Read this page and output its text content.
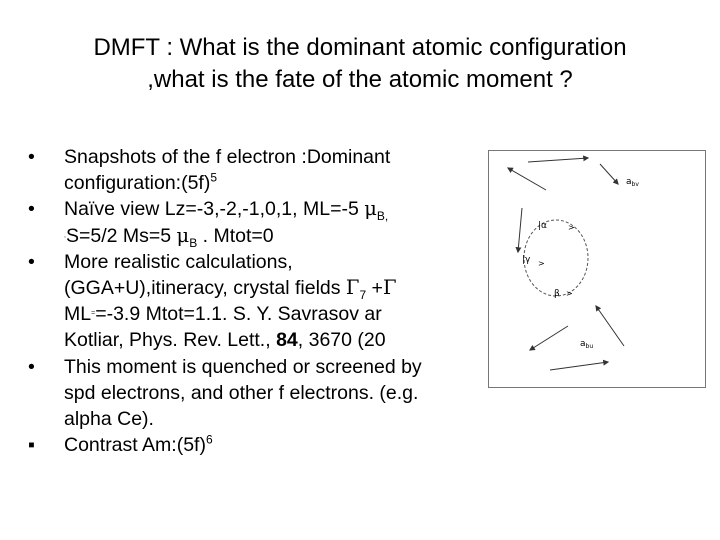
DMFT : What is the dominant atomic configuration
,what is the fate of the atomic moment ?
•	Snapshots of the f electron :Dominant
$configuration:(5f)^5$
•	Naïve view Lz=-3,-2,-1,0,1, ML=-5 $\mu_{B,}$
,S=5/2 Ms=5 $\mu_B$ . Mtot=0
•	More realistic calculations,
(GGA+U),itineracy, crystal fields $\Gamma_7 +\Gamma$
ML==-3.9 Mtot=1.1. S. Y. Savrasov ar
Kotliar, Phys. Rev. Lett., 84, 3670 (20
•	This moment is quenched or screened by
spd electrons, and other f electrons. (e.g.
alpha Ce).
▪	Contrast $Am:(5f)^6$
$a_{bv}$
$a_{bu}$
|α	>
|γ >
β >
